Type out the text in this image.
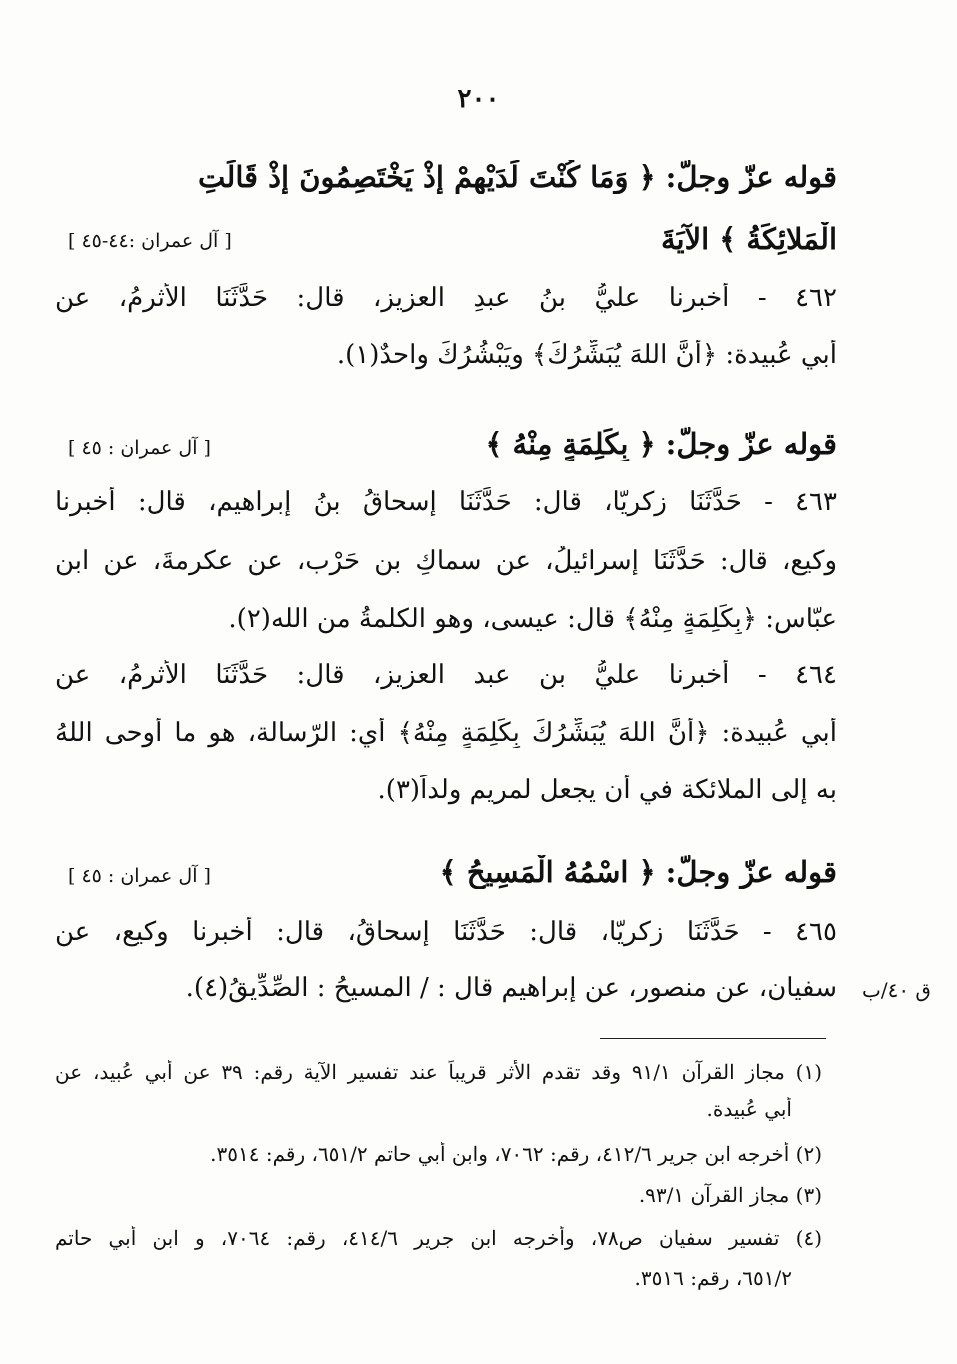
٢٠٠
قوله عزّ وجلّ: ﴿ وَمَا كُنْتَ لَدَيْهِمْ إِذْ يَخْتَصِمُونَ إِذْ قَالَتِ
الْمَلائِكَةُ ﴾ الآيَةَ
[ آل عمران :٤٤-٤٥ ]
٤٦٢ - أخبرنا عليُّ بنُ عبدِ العزيز، قال: حَدَّثَنَا الأثرمُ، عن
أبي عُبيدة: ﴿أَنَّ اللهَ يُبَشِّرُكَ﴾ ويَبْشُرُكَ واحدٌ(١).
قوله عزّ وجلّ: ﴿ بِكَلِمَةٍ مِنْهُ ﴾
[ آل عمران : ٤٥ ]
٤٦٣ - حَدَّثَنَا زكريّا، قال: حَدَّثَنَا إسحاقُ بنُ إبراهيم، قال: أخبرنا
وكيع، قال: حَدَّثَنَا إسرائيلُ، عن سماكِ بنِ حَرْب، عن عكرمةَ، عن ابن
عبّاس: ﴿بِكَلِمَةٍ مِنْهُ﴾ قال: عيسى، وهو الكلمةُ من الله(٢).
٤٦٤ - أخبرنا عليُّ بن عبد العزيز، قال: حَدَّثَنَا الأثرمُ، عن
أبي عُبيدة: ﴿أَنَّ اللهَ يُبَشِّرُكَ بِكَلِمَةٍ مِنْهُ﴾ أي: الرّسالة، هو ما أوحى اللهُ
به إلى الملائكة في أن يجعل لمريم ولداً(٣).
قوله عزّ وجلّ: ﴿ اسْمُهُ الْمَسِيحُ ﴾
[ آل عمران : ٤٥ ]
٤٦٥ - حَدَّثَنَا زكريّا، قال: حَدَّثَنَا إسحاقُ، قال: أخبرنا وكيع، عن
سفيان، عن منصور، عن إبراهيم قال : / المسيحُ : الصِّدِّيقُ(٤). ق ٤٠/ب
(١) مجاز القرآن ٩١/١ وقد تقدم الأثر قريباً عند تفسير الآية رقم: ٣٩ عن أبي عُبيد، عن
أبي عُبيدة.
(٢) أخرجه ابن جرير ٤١٢/٦، رقم: ٧٠٦٢، وابن أبي حاتم ٦٥١/٢، رقم: ٣٥١٤.
(٣) مجاز القرآن ٩٣/١.
(٤) تفسير سفيان ص٧٨، وأخرجه ابن جرير ٤١٤/٦، رقم: ٧٠٦٤، و ابن أبي حاتم
٦٥١/٢، رقم: ٣٥١٦.
